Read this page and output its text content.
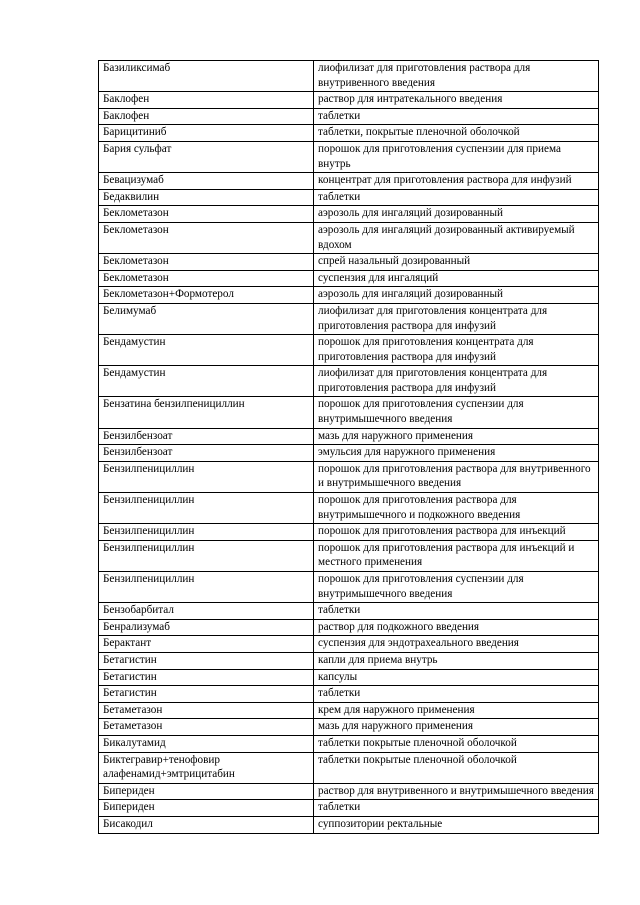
Базиликсимаб	лиофилизат для приготовления раствора для внутривенного введения
Баклофен	раствор для интратекального введения
Баклофен	таблетки
Барицитиниб	таблетки, покрытые пленочной оболочкой
Бария сульфат	порошок для приготовления суспензии для приема внутрь
Бевацизумаб	концентрат для приготовления раствора для инфузий
Бедаквилин	таблетки
Беклометазон	аэрозоль для ингаляций дозированный
Беклометазон	аэрозоль для ингаляций дозированный активируемый вдохом
Беклометазон	спрей назальный дозированный
Беклометазон	суспензия для ингаляций
Беклометазон+Формотерол	аэрозоль для ингаляций дозированный
Белимумаб	лиофилизат для приготовления концентрата для приготовления раствора для инфузий
Бендамустин	порошок для приготовления концентрата для приготовления раствора для инфузий
Бендамустин	лиофилизат для приготовления концентрата для приготовления раствора для инфузий
Бензатина бензилпенициллин	порошок для приготовления суспензии для внутримышечного введения
Бензилбензоат	мазь для наружного применения
Бензилбензоат	эмульсия для наружного применения
Бензилпенициллин	порошок для приготовления раствора для внутривенного и внутримышечного введения
Бензилпенициллин	порошок для приготовления раствора для внутримышечного и подкожного введения
Бензилпенициллин	порошок для приготовления раствора для инъекций
Бензилпенициллин	порошок для приготовления раствора для инъекций и местного применения
Бензилпенициллин	порошок для приготовления суспензии для внутримышечного введения
Бензобарбитал	таблетки
Бенрализумаб	раствор для подкожного введения
Берактант	суспензия для эндотрахеального введения
Бетагистин	капли для приема внутрь
Бетагистин	капсулы
Бетагистин	таблетки
Бетаметазон	крем для наружного применения
Бетаметазон	мазь для наружного применения
Бикалутамид	таблетки покрытые пленочной оболочкой
Биктегравир+тенофовир алафенамид+эмтрицитабин	таблетки покрытые пленочной оболочкой
Бипериден	раствор для внутривенного и внутримышечного введения
Бипериден	таблетки
Бисакодил	суппозитории ректальные
